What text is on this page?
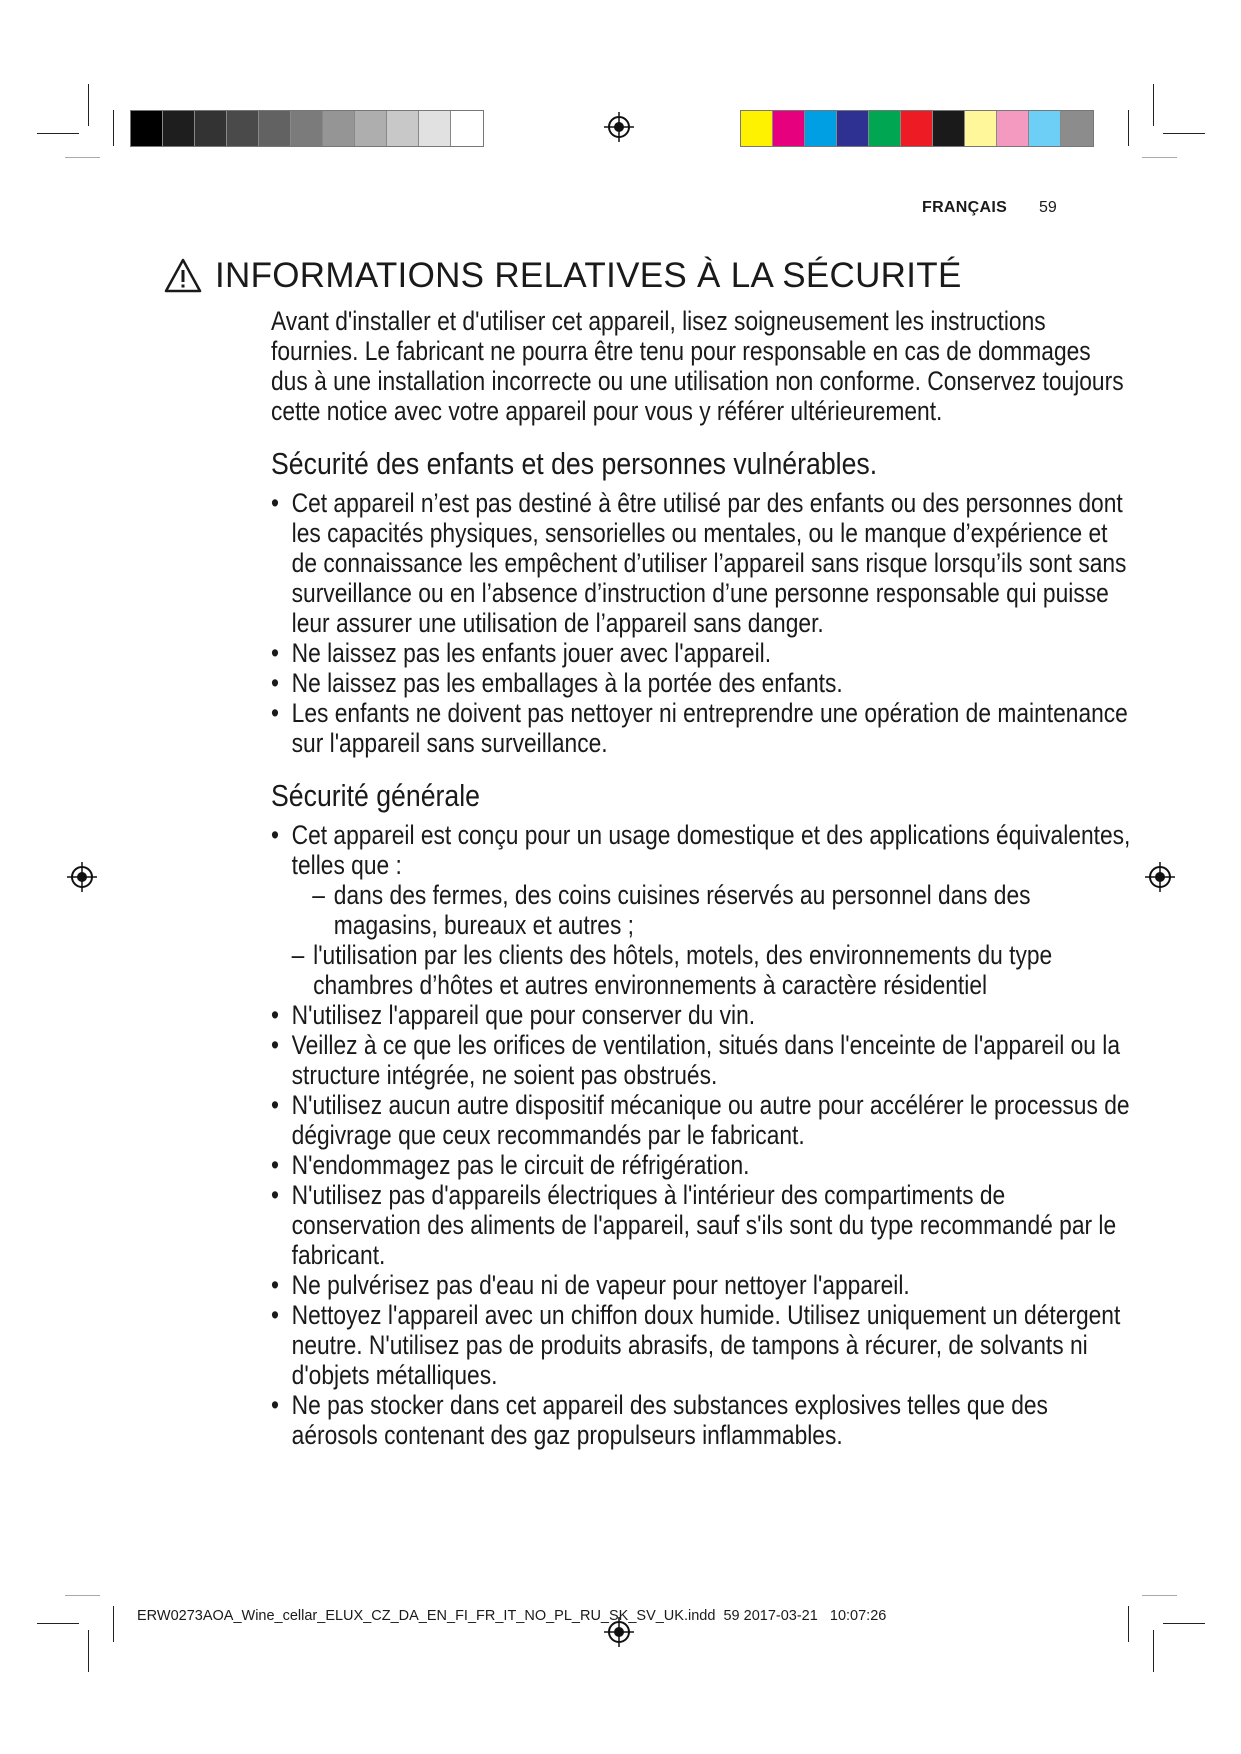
FRANÇAIS 59
INFORMATIONS RELATIVES À LA SÉCURITÉ

Avant d'installer et d'utiliser cet appareil, lisez soigneusement les instructions fournies. Le fabricant ne pourra être tenu pour responsable en cas de dommages dus à une installation incorrecte ou une utilisation non conforme. Conservez toujours cette notice avec votre appareil pour vous y référer ultérieurement.

Sécurité des enfants et des personnes vulnérables.
• Cet appareil n’est pas destiné à être utilisé par des enfants ou des personnes dont les capacités physiques, sensorielles ou mentales, ou le manque d’expérience et de connaissance les empêchent d’utiliser l’appareil sans risque lorsqu’ils sont sans surveillance ou en l’absence d’instruction d’une personne responsable qui puisse leur assurer une utilisation de l’appareil sans danger.
• Ne laissez pas les enfants jouer avec l'appareil.
• Ne laissez pas les emballages à la portée des enfants.
• Les enfants ne doivent pas nettoyer ni entreprendre une opération de maintenance sur l'appareil sans surveillance.
Sécurité générale
• Cet appareil est conçu pour un usage domestique et des applications équivalentes, telles que :
– dans des fermes, des coins cuisines réservés au personnel dans des magasins, bureaux et autres ;
– l'utilisation par les clients des hôtels, motels, des environnements du type chambres d’hôtes et autres environnements à caractère résidentiel
• N'utilisez l'appareil que pour conserver du vin.
• Veillez à ce que les orifices de ventilation, situés dans l'enceinte de l'appareil ou la structure intégrée, ne soient pas obstrués.
• N'utilisez aucun autre dispositif mécanique ou autre pour accélérer le processus de dégivrage que ceux recommandés par le fabricant.
• N'endommagez pas le circuit de réfrigération.
• N'utilisez pas d'appareils électriques à l'intérieur des compartiments de conservation des aliments de l'appareil, sauf s'ils sont du type recommandé par le fabricant.
• Ne pulvérisez pas d'eau ni de vapeur pour nettoyer l'appareil.
• Nettoyez l'appareil avec un chiffon doux humide. Utilisez uniquement un détergent neutre. N'utilisez pas de produits abrasifs, de tampons à récurer, de solvants ni d'objets métalliques.
• Ne pas stocker dans cet appareil des substances explosives telles que des aérosols contenant des gaz propulseurs inflammables.
ERW0273AOA_Wine_cellar_ELUX_CZ_DA_EN_FI_FR_IT_NO_PL_RU_SK_SV_UK.indd 59 2017-03-21 10:07:26
